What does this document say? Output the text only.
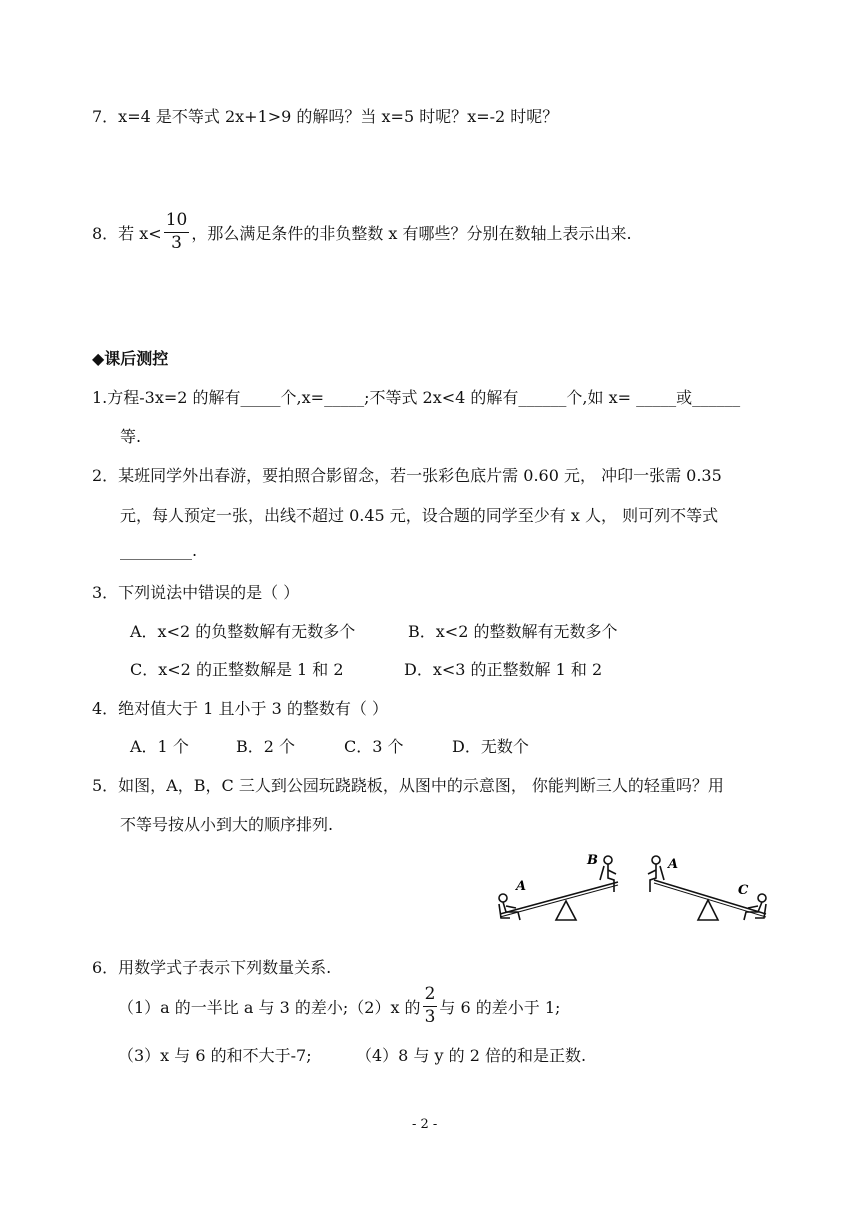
7．x=4 是不等式 2x+1>9 的解吗？当 x=5 时呢？x=-2 时呢？
8．若 $x< \frac{10}{3}$ ，那么满足条件的非负整数 x 有哪些？分别在数轴上表示出来.
◆课后测控
1.方程-3x=2 的解有_____个,x=_____;不等式 2x<4 的解有______个,如 x= _____或______
等.
2．某班同学外出春游，要拍照合影留念，若一张彩色底片需 0.60 元， 冲印一张需 0.35
元，每人预定一张，出线不超过 0.45 元，设合题的同学至少有 x 人， 则可列不等式
_________.
3．下列说法中错误的是（ ）
A．x<2 的负整数解有无数多个	B．x<2 的整数解有无数多个
C．x<2 的正整数解是 1 和 2	D．x<3 的正整数解 1 和 2
4．绝对值大于 1 且小于 3 的整数有（ ）
A．1 个	B．2 个	C．3 个	D．无数个
5．如图，A，B，C 三人到公园玩跷跷板，从图中的示意图， 你能判断三人的轻重吗？用
不等号按从小到大的顺序排列.
A
B	A
C
6．用数学式子表示下列数量关系.
（1）a 的一半比 a 与 3 的差小;（2）x 的 $\frac{2}{3}$ 与 6 的差小于 1;
（3）x 与 6 的和不大于-7;	（4）8 与 y 的 2 倍的和是正数.
- 2 -
